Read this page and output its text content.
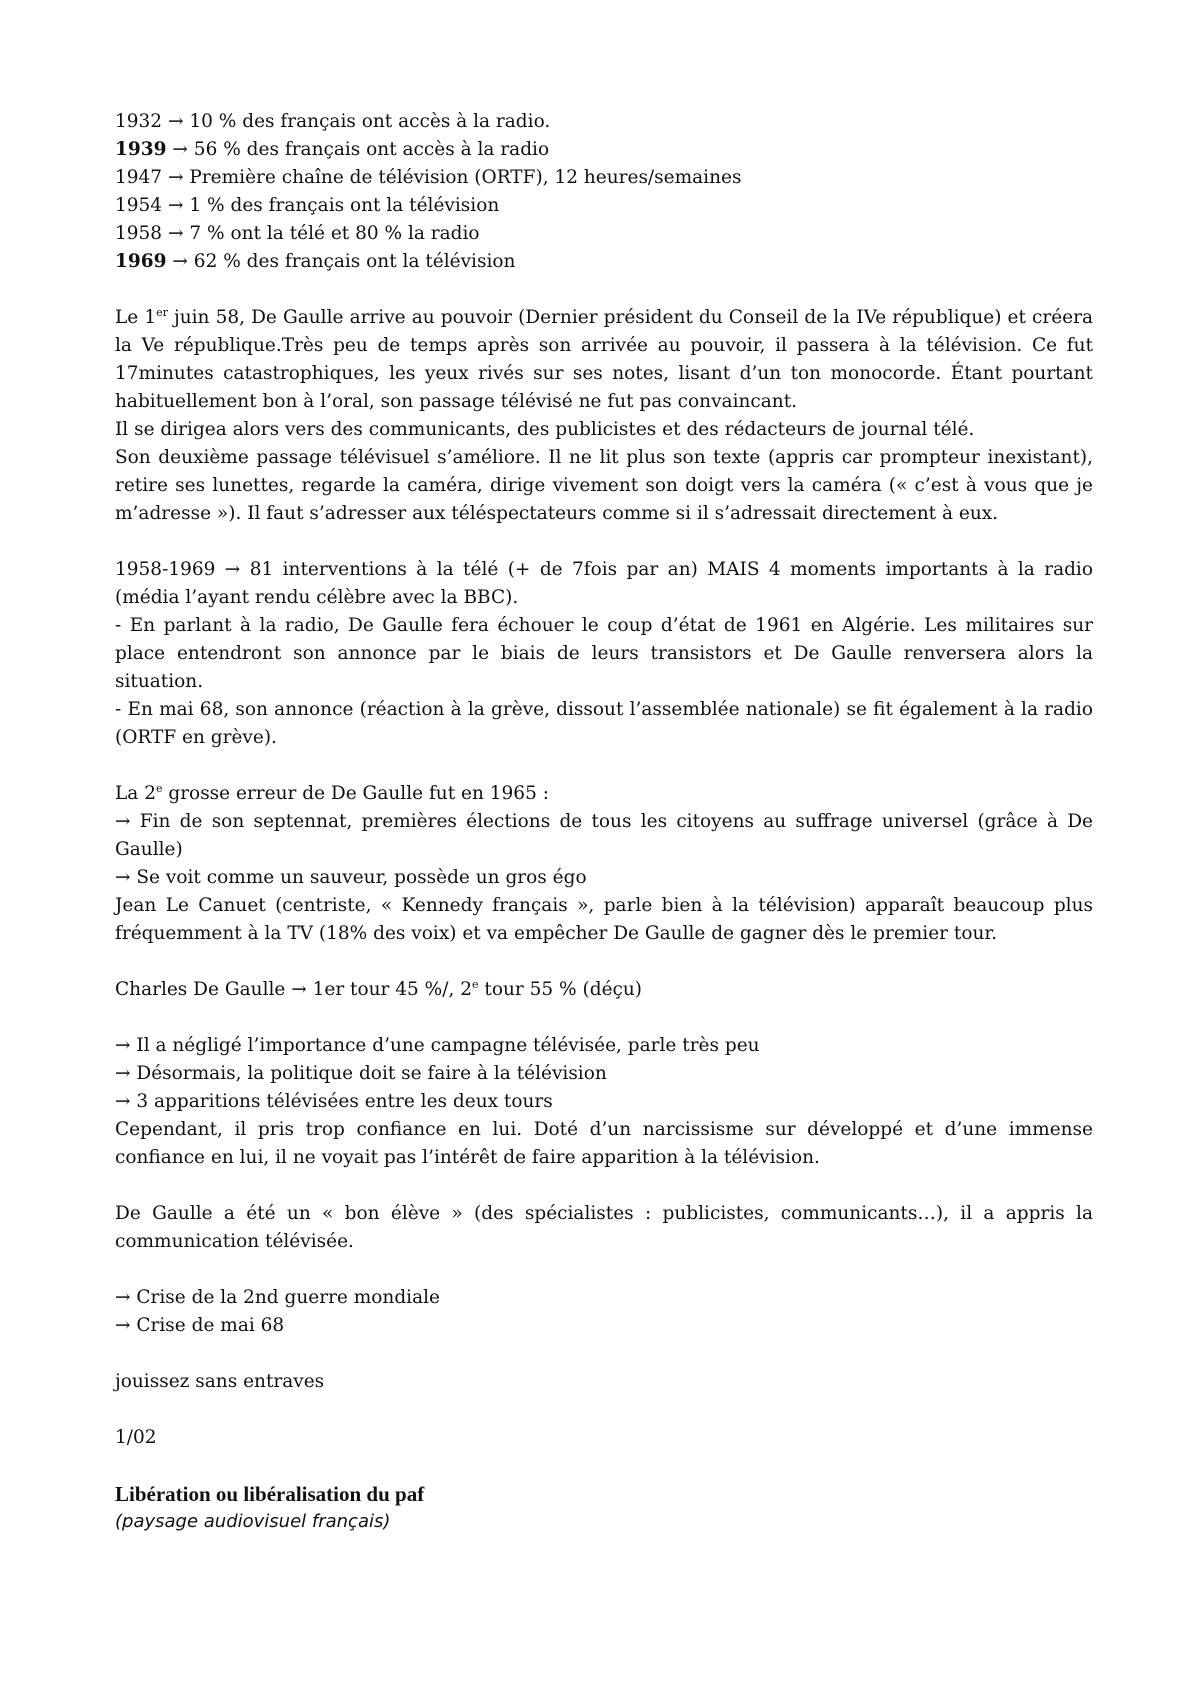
1932 → 10 % des français ont accès à la radio.
1939 → 56 % des français ont accès à la radio
1947 → Première chaîne de télévision (ORTF), 12 heures/semaines
1954 → 1 % des français ont la télévision
1958 → 7 % ont la télé et 80 % la radio
1969 → 62 % des français ont la télévision
Le 1er juin 58, De Gaulle arrive au pouvoir (Dernier président du Conseil de la IVe république) et créera la Ve république.Très peu de temps après son arrivée au pouvoir, il passera à la télévision. Ce fut 17minutes catastrophiques, les yeux rivés sur ses notes, lisant d’un ton monocorde. Étant pourtant habituellement bon à l’oral, son passage télévisé ne fut pas convaincant.
Il se dirigea alors vers des communicants, des publicistes et des rédacteurs de journal télé.
Son deuxième passage télévisuel s’améliore. Il ne lit plus son texte (appris car prompteur inexistant), retire ses lunettes, regarde la caméra, dirige vivement son doigt vers la caméra (« c’est à vous que je m’adresse »). Il faut s’adresser aux téléspectateurs comme si il s’adressait directement à eux.
1958-1969 → 81 interventions à la télé (+ de 7fois par an) MAIS 4 moments importants à la radio (média l’ayant rendu célèbre avec la BBC).
- En parlant à la radio, De Gaulle fera échouer le coup d’état de 1961 en Algérie. Les militaires sur place entendront son annonce par le biais de leurs transistors et De Gaulle renversera alors la situation.
- En mai 68, son annonce (réaction à la grève, dissout l’assemblée nationale) se fit également à la radio (ORTF en grève).
La 2e grosse erreur de De Gaulle fut en 1965 :
→ Fin de son septennat, premières élections de tous les citoyens au suffrage universel (grâce à De Gaulle)
→ Se voit comme un sauveur, possède un gros égo
Jean Le Canuet (centriste, « Kennedy français », parle bien à la télévision) apparaît beaucoup plus fréquemment à la TV (18% des voix) et va empêcher De Gaulle de gagner dès le premier tour.
Charles De Gaulle → 1er tour 45 %/, 2e tour 55 % (déçu)
→ Il a négligé l’importance d’une campagne télévisée, parle très peu
→ Désormais, la politique doit se faire à la télévision
→ 3 apparitions télévisées entre les deux tours
Cependant, il pris trop confiance en lui. Doté d’un narcissisme sur développé et d’une immense confiance en lui, il ne voyait pas l’intérêt de faire apparition à la télévision.
De Gaulle a été un « bon élève » (des spécialistes : publicistes, communicants…), il a appris la communication télévisée.
→ Crise de la 2nd guerre mondiale
→ Crise de mai 68
jouissez sans entraves
1/02
Libération ou libéralisation du paf
(paysage audiovisuel français)
